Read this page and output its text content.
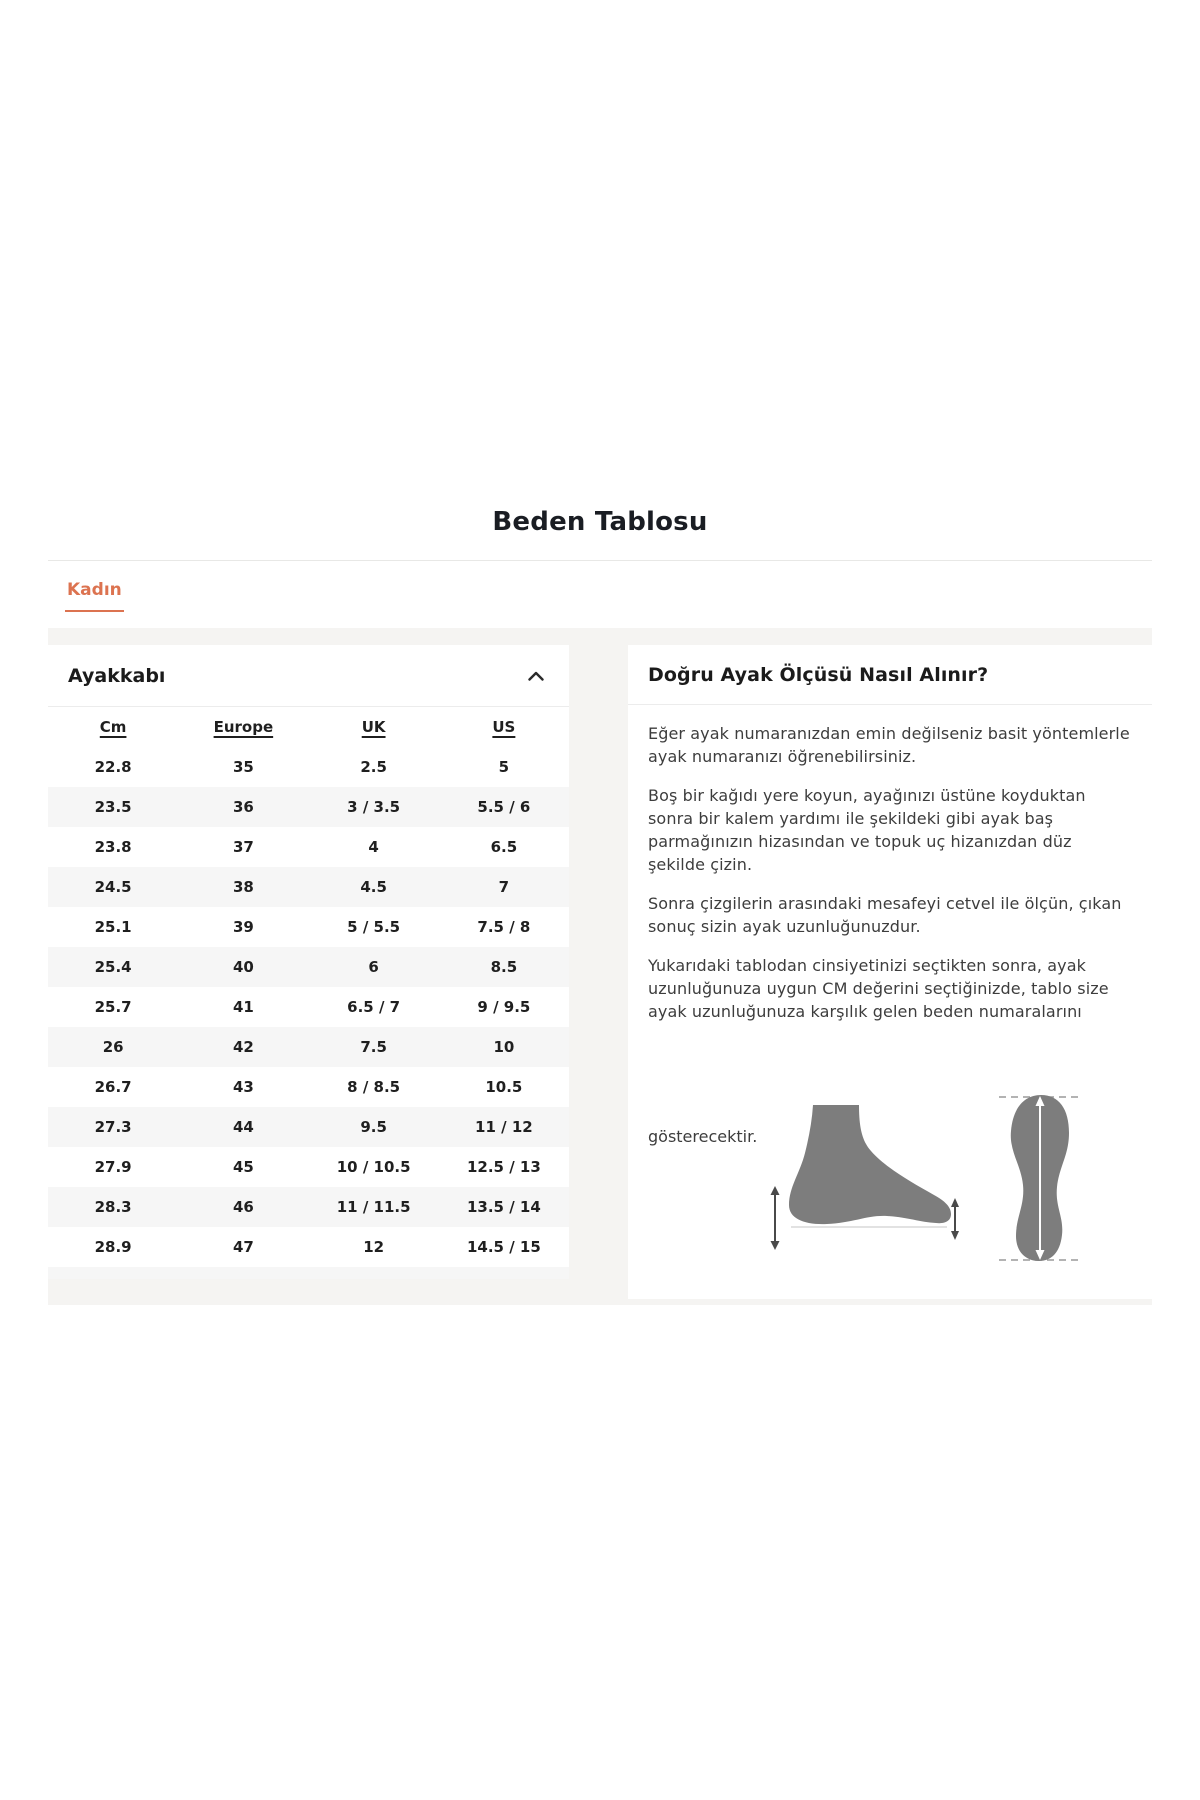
Beden Tablosu
Kadın
Ayakkabı
Cm	Europe	UK	US
22.8	35	2.5	5
23.5	36	3 / 3.5	5.5 / 6
23.8	37	4	6.5
24.5	38	4.5	7
25.1	39	5 / 5.5	7.5 / 8
25.4	40	6	8.5
25.7	41	6.5 / 7	9 / 9.5
26	42	7.5	10
26.7	43	8 / 8.5	10.5
27.3	44	9.5	11 / 12
27.9	45	10 / 10.5	12.5 / 13
28.3	46	11 / 11.5	13.5 / 14
28.9	47	12	14.5 / 15
Doğru Ayak Ölçüsü Nasıl Alınır?

Eğer ayak numaranızdan emin değilseniz basit yöntemlerle ayak numaranızı öğrenebilirsiniz.

Boş bir kağıdı yere koyun, ayağınızı üstüne koyduktan sonra bir kalem yardımı ile şekildeki gibi ayak baş parmağınızın hizasından ve topuk uç hizanızdan düz şekilde çizin.

Sonra çizgilerin arasındaki mesafeyi cetvel ile ölçün, çıkan sonuç sizin ayak uzunluğunuzdur.

Yukarıdaki tablodan cinsiyetinizi seçtikten sonra, ayak uzunluğunuza uygun CM değerini seçtiğinizde, tablo size ayak uzunluğunuza karşılık gelen beden numaralarını

gösterecektir.
